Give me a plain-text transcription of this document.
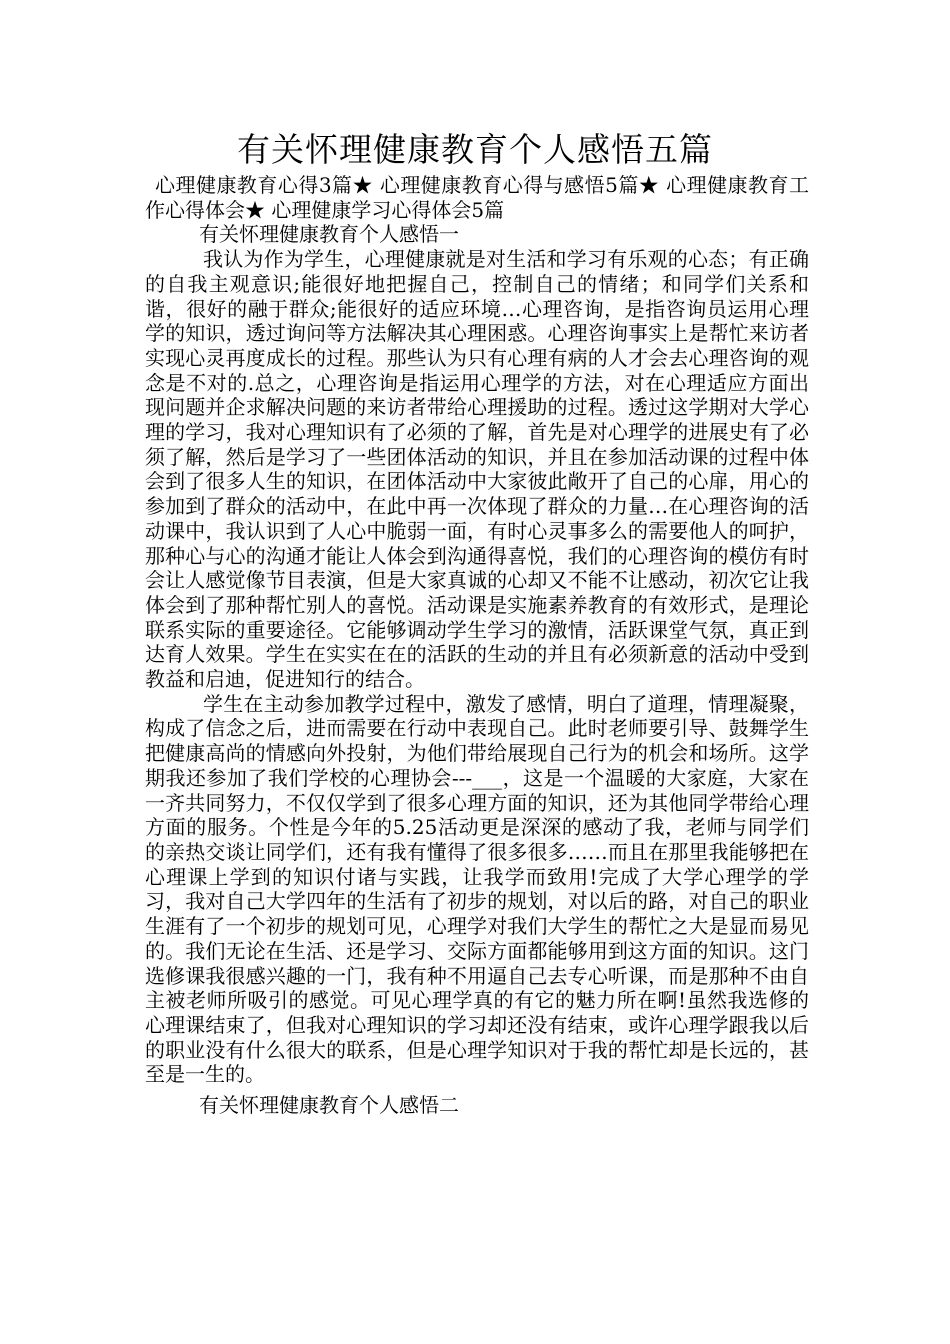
有关怀理健康教育个人感悟五篇

心理健康教育心得3篇★ 心理健康教育心得与感悟5篇★ 心理健康教育工作心得体会★ 心理健康学习心得体会5篇

有关怀理健康教育个人感悟一

我认为作为学生，心理健康就是对生活和学习有乐观的心态；有正确的自我主观意识;能很好地把握自己，控制自己的情绪；和同学们关系和谐，很好的融于群众;能很好的适应环境…心理咨询，是指咨询员运用心理学的知识，透过询问等方法解决其心理困惑。心理咨询事实上是帮忙来访者实现心灵再度成长的过程。那些认为只有心理有病的人才会去心理咨询的观念是不对的.总之，心理咨询是指运用心理学的方法，对在心理适应方面出现问题并企求解决问题的来访者带给心理援助的过程。透过这学期对大学心理的学习，我对心理知识有了必须的了解，首先是对心理学的进展史有了必须了解，然后是学习了一些团体活动的知识，并且在参加活动课的过程中体会到了很多人生的知识，在团体活动中大家彼此敞开了自己的心扉，用心的参加到了群众的活动中，在此中再一次体现了群众的力量…在心理咨询的活动课中，我认识到了人心中脆弱一面，有时心灵事多么的需要他人的呵护，那种心与心的沟通才能让人体会到沟通得喜悦，我们的心理咨询的模仿有时会让人感觉像节目表演，但是大家真诚的心却又不能不让感动，初次它让我体会到了那种帮忙别人的喜悦。活动课是实施素养教育的有效形式，是理论联系实际的重要途径。它能够调动学生学习的激情，活跃课堂气氛，真正到达育人效果。学生在实实在在的活跃的生动的并且有必须新意的活动中受到教益和启迪，促进知行的结合。

学生在主动参加教学过程中，激发了感情，明白了道理，情理凝聚，构成了信念之后，进而需要在行动中表现自己。此时老师要引导、鼓舞学生把健康高尚的情感向外投射，为他们带给展现自己行为的机会和场所。这学期我还参加了我们学校的心理协会---___，这是一个温暖的大家庭，大家在一齐共同努力，不仅仅学到了很多心理方面的知识，还为其他同学带给心理方面的服务。个性是今年的5.25活动更是深深的感动了我，老师与同学们的亲热交谈让同学们，还有我有懂得了很多很多……而且在那里我能够把在心理课上学到的知识付诸与实践，让我学而致用!完成了大学心理学的学习，我对自己大学四年的生活有了初步的规划，对以后的路，对自己的职业生涯有了一个初步的规划可见，心理学对我们大学生的帮忙之大是显而易见的。我们无论在生活、还是学习、交际方面都能够用到这方面的知识。这门选修课我很感兴趣的一门，我有种不用逼自己去专心听课，而是那种不由自主被老师所吸引的感觉。可见心理学真的有它的魅力所在啊!虽然我选修的心理课结束了，但我对心理知识的学习却还没有结束，或许心理学跟我以后的职业没有什么很大的联系，但是心理学知识对于我的帮忙却是长远的，甚至是一生的。

有关怀理健康教育个人感悟二
